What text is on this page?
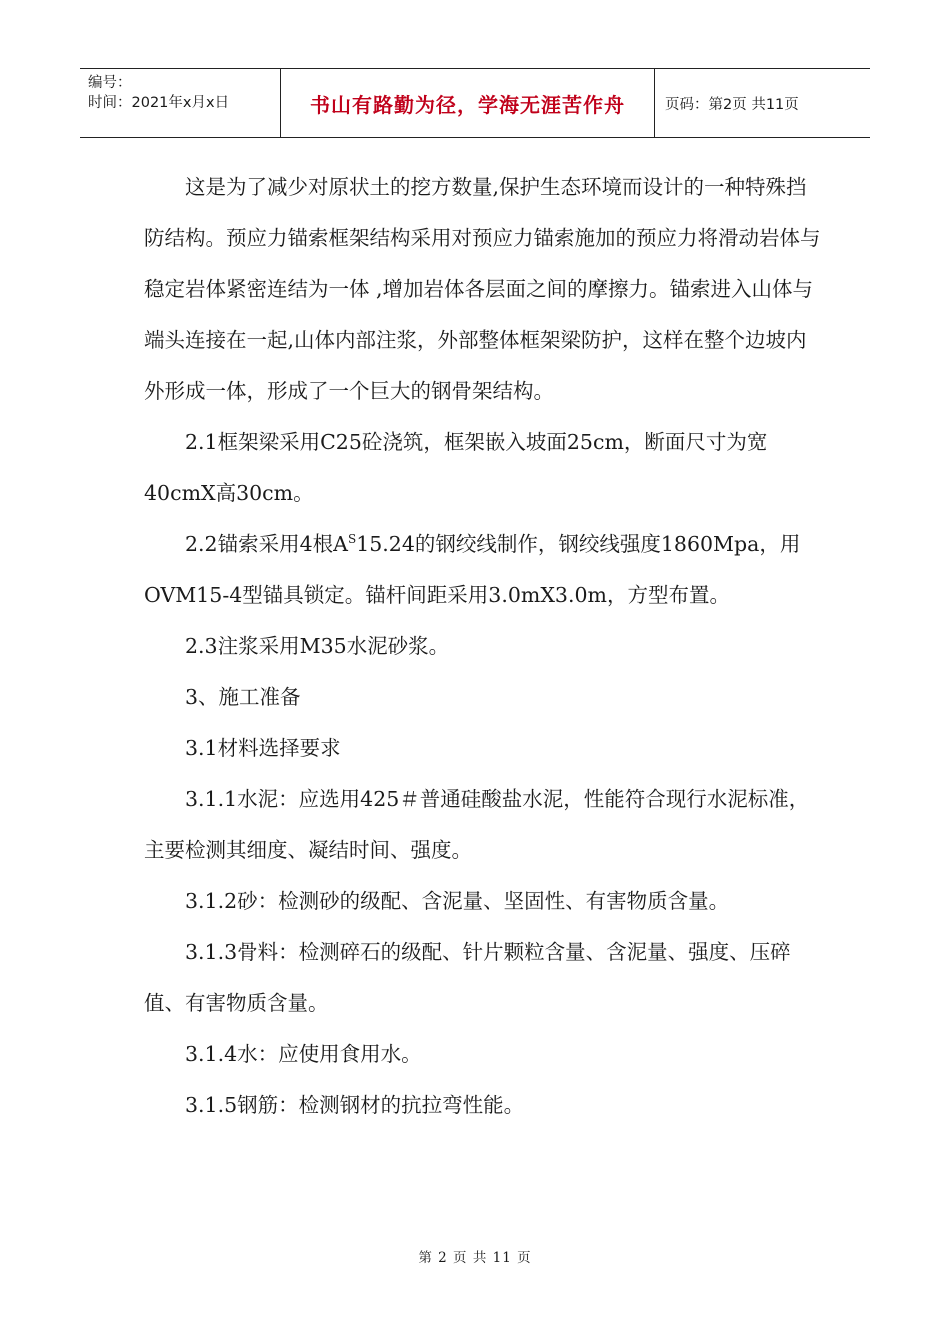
编号：
时间：2021年x月x日	书山有路勤为径，学海无涯苦作舟	页码：第2页 共11页

这是为了减少对原状土的挖方数量,保护生态环境而设计的一种特殊挡防结构。预应力锚索框架结构采用对预应力锚索施加的预应力将滑动岩体与稳定岩体紧密连结为一体 ,增加岩体各层面之间的摩擦力。锚索进入山体与端头连接在一起,山体内部注浆，外部整体框架梁防护，这样在整个边坡内外形成一体，形成了一个巨大的钢骨架结构。

2.1框架梁采用C25砼浇筑，框架嵌入坡面25cm，断面尺寸为宽40cmX高30cm。

2.2锚索采用4根$A^S15.24$的钢绞线制作，钢绞线强度1860Mpa，用OVM15-4型锚具锁定。锚杆间距采用3.0mX3.0m，方型布置。

2.3注浆采用M35水泥砂浆。

3、施工准备

3.1材料选择要求

3.1.1水泥：应选用425＃普通硅酸盐水泥，性能符合现行水泥标准，主要检测其细度、凝结时间、强度。

3.1.2砂：检测砂的级配、含泥量、坚固性、有害物质含量。

3.1.3骨料：检测碎石的级配、针片颗粒含量、含泥量、强度、压碎值、有害物质含量。

3.1.4水：应使用食用水。

3.1.5钢筋：检测钢材的抗拉弯性能。

第 2 页 共 11 页
